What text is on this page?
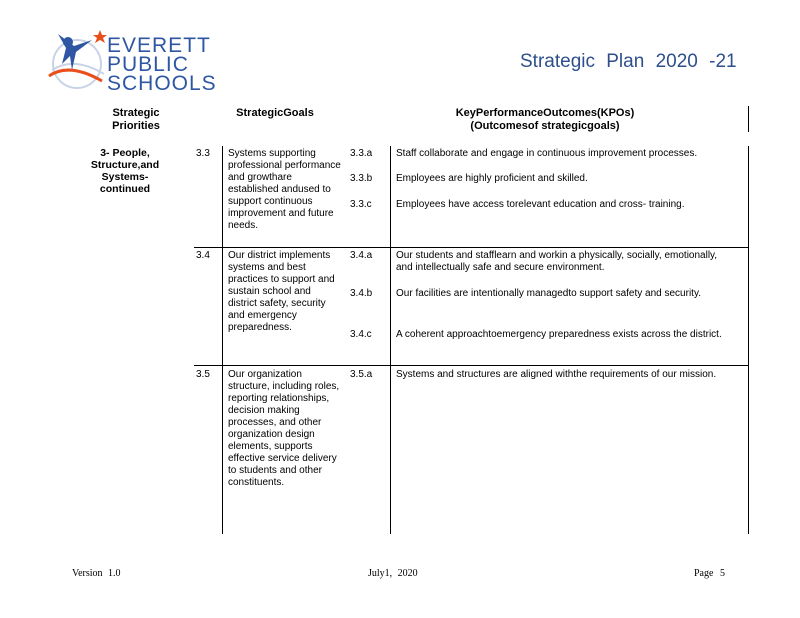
EVERETT
PUBLIC
SCHOOLS
Strategic Plan 2020 -21
Strategic
Priorities
StrategicGoals	KeyPerformanceOutcomes(KPOs)
(Outcomesof strategicgoals)
3- People,
Structure,and
Systems-
continued
3.3 Systems supporting professional performance and growthare established andused to support continuous improvement and future needs.
3.3.a Staff collaborate and engage in continuous improvement processes.
3.3.b Employees are highly proficient and skilled.
3.3.c Employees have access torelevant education and cross- training.
3.4 Our district implements systems and best practices to support and sustain school and district safety, security and emergency preparedness.
3.4.a Our students and stafflearn and workin a physically, socially, emotionally, and intellectually safe and secure environment.
3.4.b Our facilities are intentionally managedto support safety and security.
3.4.c A coherent approachtoemergency preparedness exists across the district.
3.5 Our organization structure, including roles, reporting relationships, decision making processes, and other organization design elements, supports effective service delivery to students and other constituents.
3.5.a Systems and structures are aligned withthe requirements of our mission.
Version 1.0	July1, 2020	Page 5
